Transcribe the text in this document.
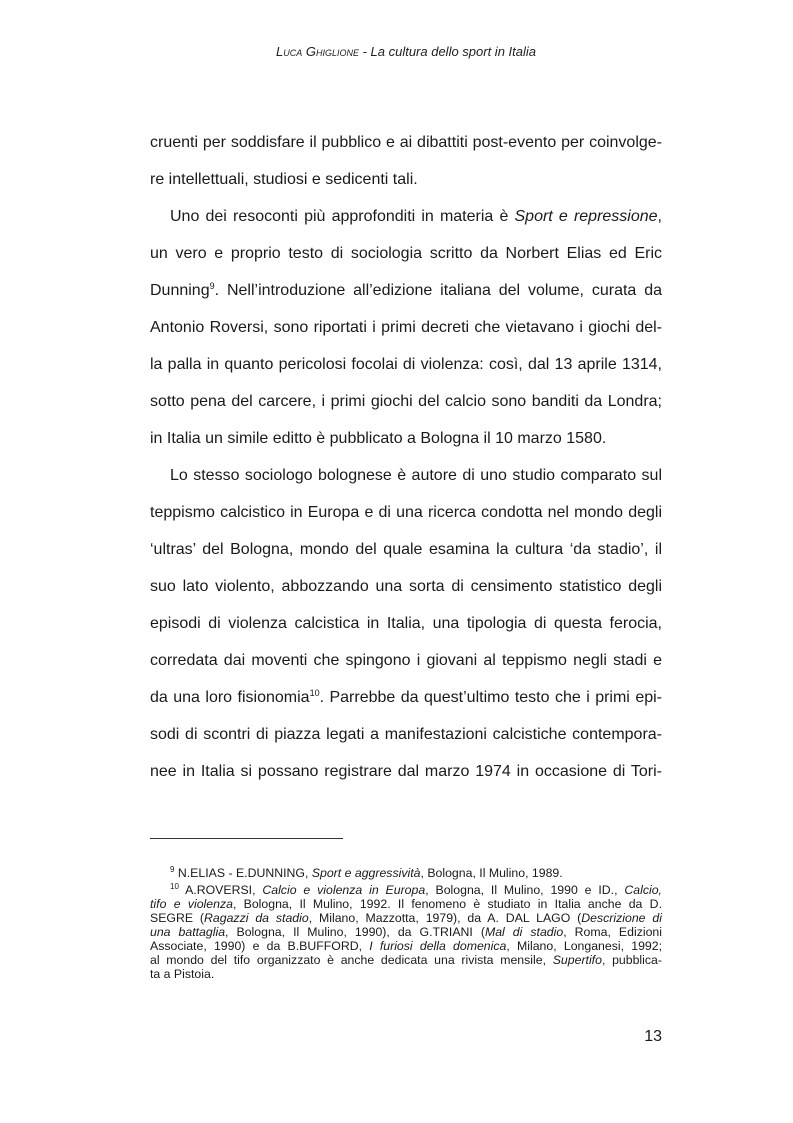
Luca Ghiglione - La cultura dello sport in Italia
cruenti per soddisfare il pubblico e ai dibattiti post-evento per coinvolge-
re intellettuali, studiosi e sedicenti tali.
Uno dei resoconti più approfonditi in materia è Sport e repressione,
un vero e proprio testo di sociologia scritto da Norbert Elias ed Eric
Dunning$^9$. Nell’introduzione all’edizione italiana del volume, curata da
Antonio Roversi, sono riportati i primi decreti che vietavano i giochi del-
la palla in quanto pericolosi focolai di violenza: così, dal 13 aprile 1314,
sotto pena del carcere, i primi giochi del calcio sono banditi da Londra;
in Italia un simile editto è pubblicato a Bologna il 10 marzo 1580.
Lo stesso sociologo bolognese è autore di uno studio comparato sul
teppismo calcistico in Europa e di una ricerca condotta nel mondo degli
‘ultras’ del Bologna, mondo del quale esamina la cultura ‘da stadio’, il
suo lato violento, abbozzando una sorta di censimento statistico degli
episodi di violenza calcistica in Italia, una tipologia di questa ferocia,
corredata dai moventi che spingono i giovani al teppismo negli stadi e
da una loro fisionomia$^{10}$. Parrebbe da quest’ultimo testo che i primi epi-
sodi di scontri di piazza legati a manifestazioni calcistiche contempora-
nee in Italia si possano registrare dal marzo 1974 in occasione di Tori-
$^9$ N.ELIAS - E.DUNNING, Sport e aggressività, Bologna, Il Mulino, 1989.
$^{10}$ A.ROVERSI, Calcio e violenza in Europa, Bologna, Il Mulino, 1990 e ID., Calcio,
tifo e violenza, Bologna, Il Mulino, 1992. Il fenomeno è studiato in Italia anche da D.
SEGRE (Ragazzi da stadio, Milano, Mazzotta, 1979), da A. DAL LAGO (Descrizione di
una battaglia, Bologna, Il Mulino, 1990), da G.TRIANI (Mal di stadio, Roma, Edizioni
Associate, 1990) e da B.BUFFORD, I furiosi della domenica, Milano, Longanesi, 1992;
al mondo del tifo organizzato è anche dedicata una rivista mensile, Supertifo, pubblica-
ta a Pistoia.
13
